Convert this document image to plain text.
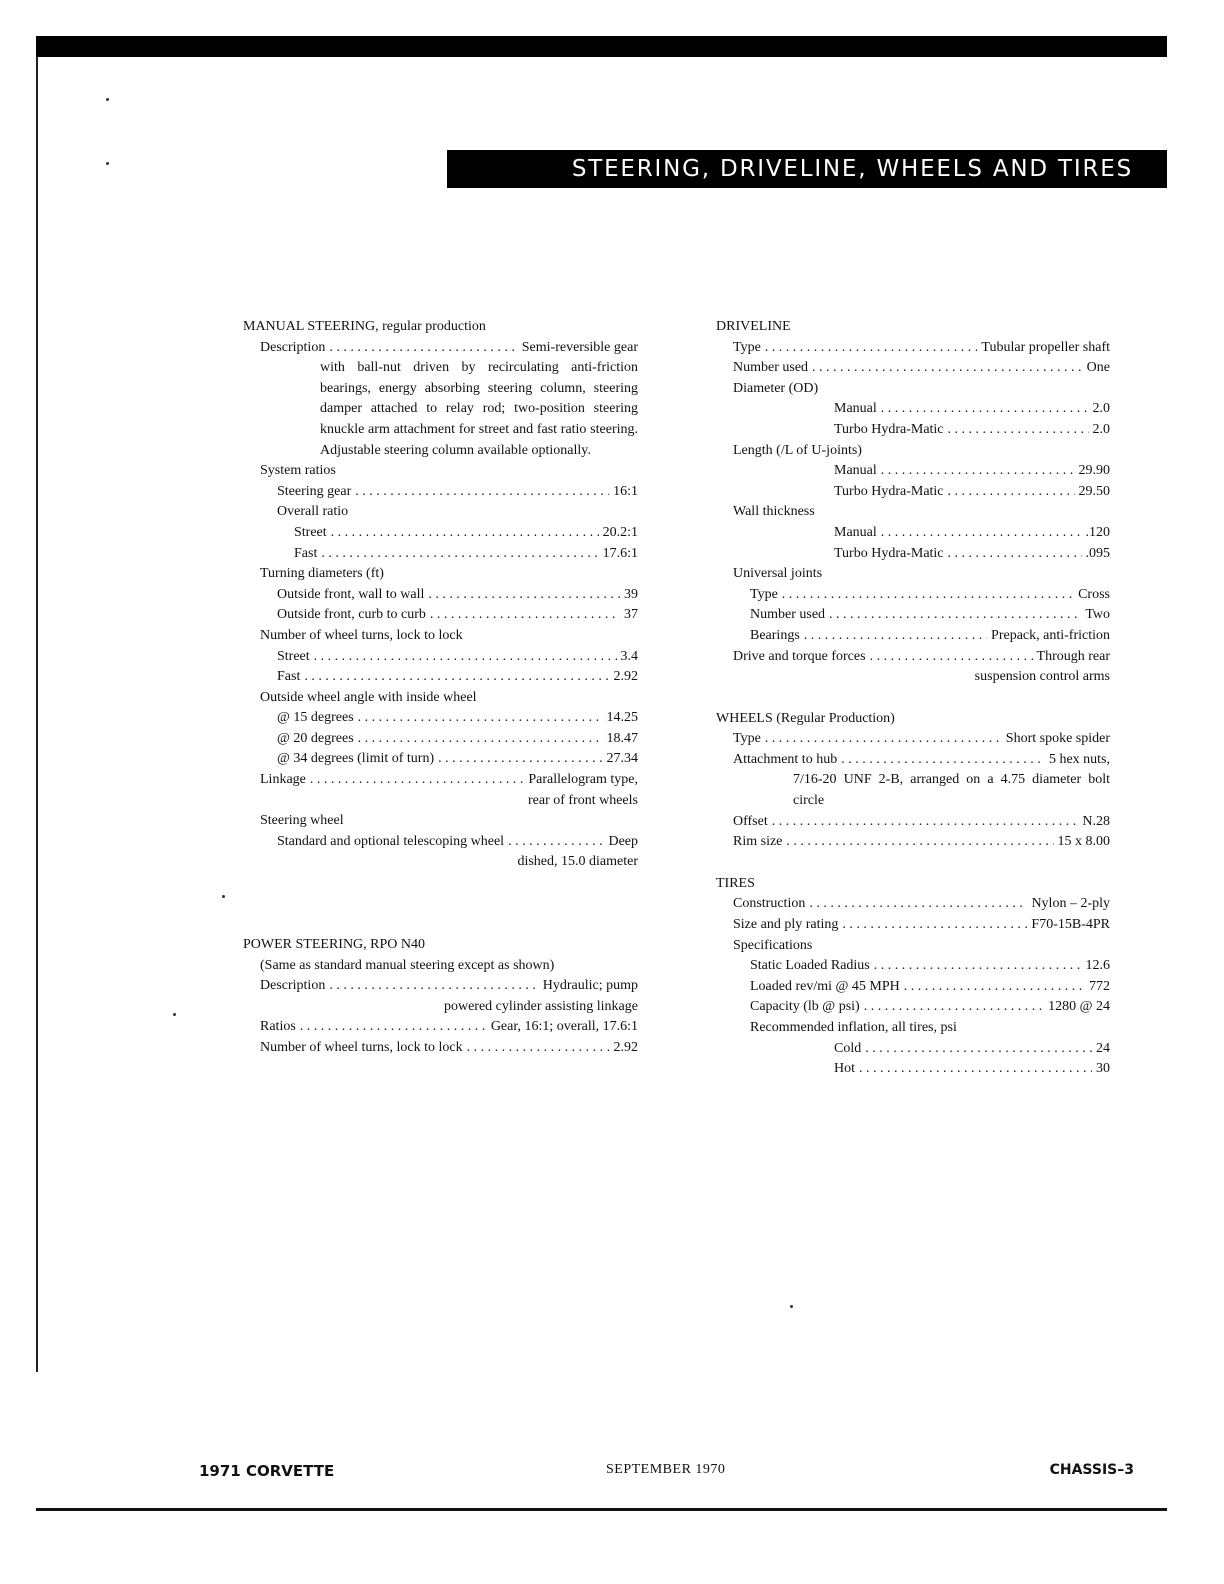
STEERING, DRIVELINE, WHEELS AND TIRES
MANUAL STEERING, regular production
Description . . .	Semi-reversible gear
with ball-nut driven by recirculating anti-friction bearings, energy absorbing steering column, steering damper attached to relay rod; two-position steering knuckle arm attachment for street and fast ratio steering. Adjustable steering column available optionally.
System ratios
Steering gear . . .	16:1
Overall ratio
Street . . .	20.2:1
Fast . . .	17.6:1
Turning diameters (ft)
Outside front, wall to wall . . .	39
Outside front, curb to curb . . .	37
Number of wheel turns, lock to lock
Street . . .	3.4
Fast . . .	2.92
Outside wheel angle with inside wheel
@ 15 degrees . . .	14.25
@ 20 degrees . . .	18.47
@ 34 degrees (limit of turn) . . .	27.34
Linkage . . .	Parallelogram type,
rear of front wheels
Steering wheel
Standard and optional telescoping wheel . . .	Deep
dished, 15.0 diameter
POWER STEERING, RPO N40
(Same as standard manual steering except as shown)
Description . . .	Hydraulic; pump
powered cylinder assisting linkage
Ratios . . .	Gear, 16:1; overall, 17.6:1
Number of wheel turns, lock to lock . . .	2.92
DRIVELINE
Type . . .	Tubular propeller shaft
Number used . . .	One
Diameter (OD)
Manual . . .	2.0
Turbo Hydra-Matic . . .	2.0
Length (/L of U-joints)
Manual . . .	29.90
Turbo Hydra-Matic . . .	29.50
Wall thickness
Manual . . .	.120
Turbo Hydra-Matic . . .	.095
Universal joints
Type . . .	Cross
Number used . . .	Two
Bearings . . .	Prepack, anti-friction
Drive and torque forces . . .	Through rear
suspension control arms
WHEELS (Regular Production)
Type . . .	Short spoke spider
Attachment to hub . . .	5 hex nuts,
7/16-20 UNF 2-B, arranged on a 4.75 diameter bolt circle
Offset . . .	N.28
Rim size . . .	15 x 8.00
TIRES
Construction . . .	Nylon – 2-ply
Size and ply rating . . .	F70-15B-4PR
Specifications
Static Loaded Radius . . .	12.6
Loaded rev/mi @ 45 MPH . . .	772
Capacity (lb @ psi) . . .	1280 @ 24
Recommended inflation, all tires, psi
Cold . . .	24
Hot . . .	30
1971 CORVETTE	SEPTEMBER 1970	CHASSIS–3
